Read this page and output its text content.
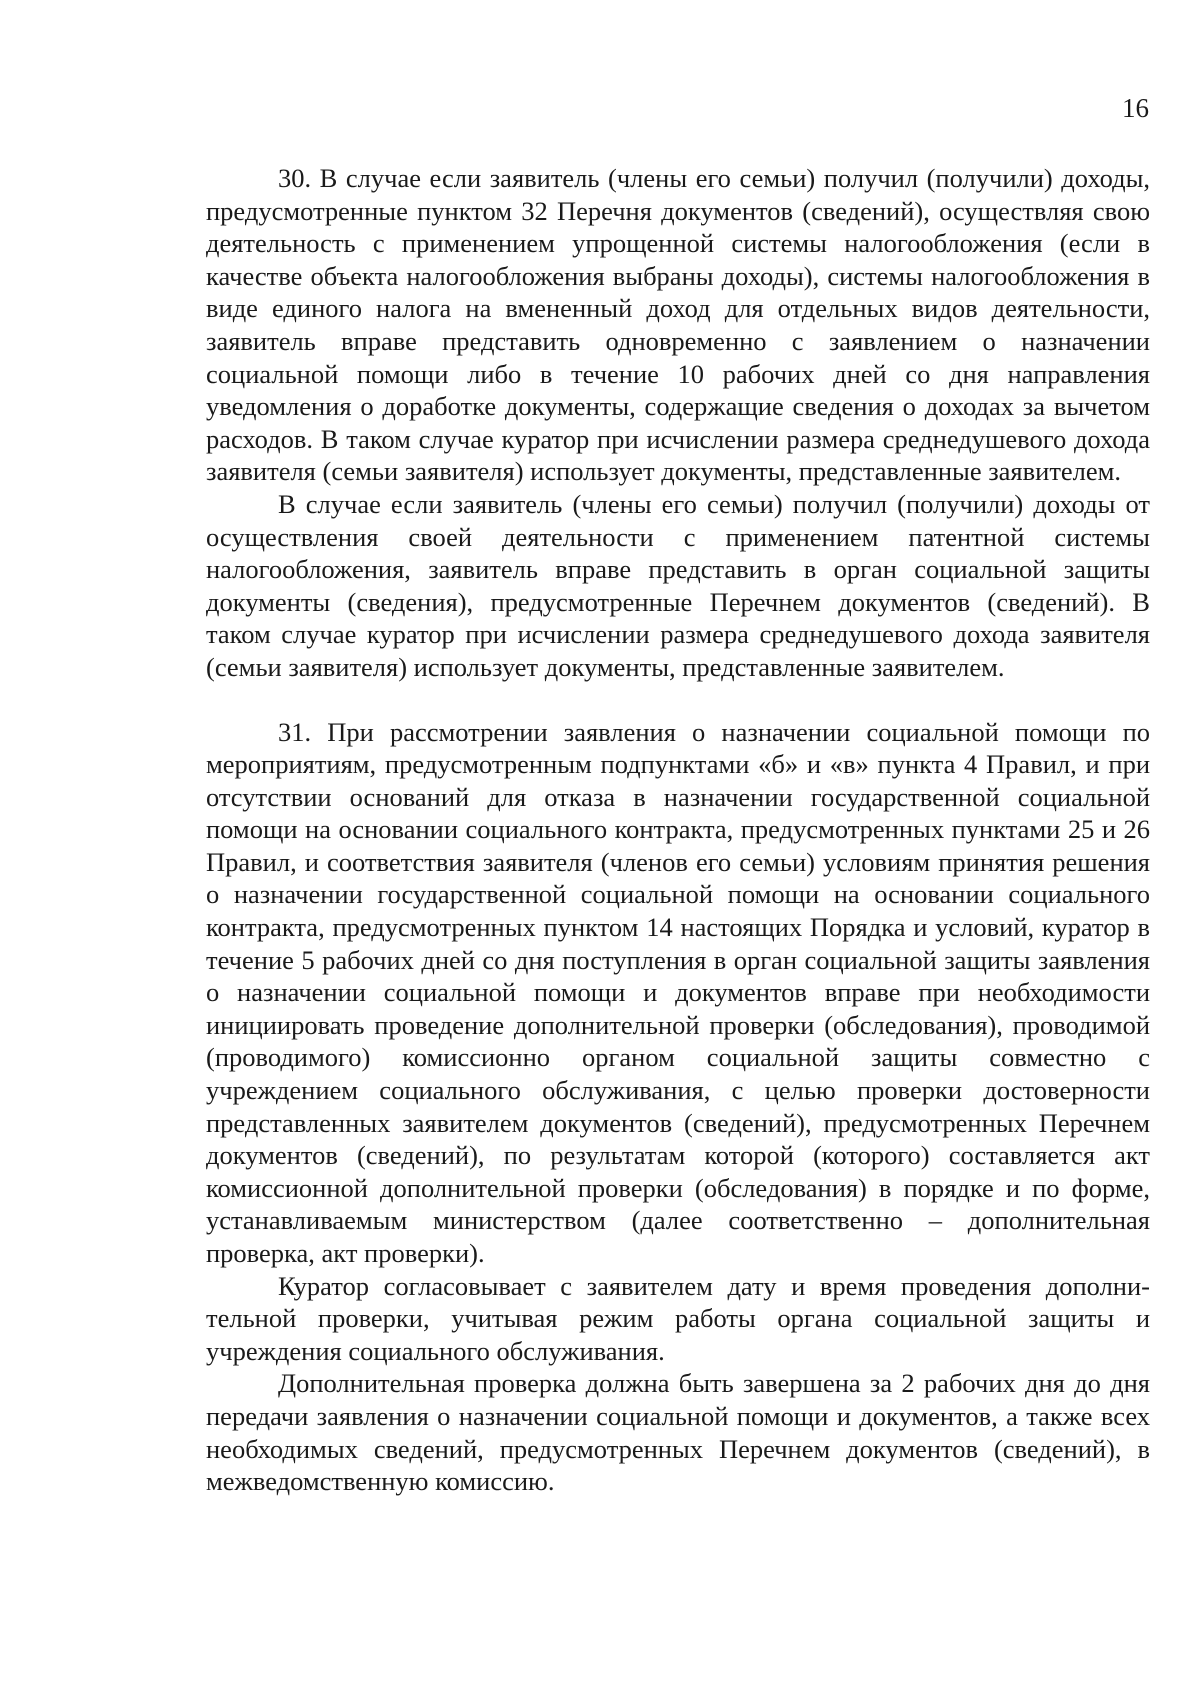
16

30. В случае если заявитель (члены его семьи) получил (получили) доходы, предусмотренные пунктом 32 Перечня документов (сведений), осуществляя свою деятельность с применением упрощенной системы налогообложения (если в качестве объекта налогообложения выбраны доходы), системы налогообложения в виде единого налога на вмененный доход для отдельных видов деятельности, заявитель вправе представить одновременно с заявлением о назначении социальной помощи либо в течение 10 рабочих дней со дня направления уведомления о доработке документы, содержащие сведения о доходах за вычетом расходов. В таком случае куратор при исчислении размера среднедушевого дохода заявителя (семьи заявителя) использует документы, представленные заявителем.

В случае если заявитель (члены его семьи) получил (получили) доходы от осуществления своей деятельности с применением патентной системы налогообложения, заявитель вправе представить в орган социальной защиты документы (сведения), предусмотренные Перечнем документов (сведений). В таком случае куратор при исчислении размера среднедушевого дохода заявителя (семьи заявителя) использует документы, представленные заявителем.

31. При рассмотрении заявления о назначении социальной помощи по мероприятиям, предусмотренным подпунктами «б» и «в» пункта 4 Правил, и при отсутствии оснований для отказа в назначении государственной социальной помощи на основании социального контракта, предусмотренных пунктами 25 и 26 Правил, и соответствия заявителя (членов его семьи) условиям принятия решения о назначении государственной социальной помощи на основании социального контракта, предусмотренных пунктом 14 настоящих Порядка и условий, куратор в течение 5 рабочих дней со дня поступления в орган социальной защиты заявления о назначении социальной помощи и документов вправе при необходимости инициировать проведение дополнительной проверки (обследования), проводимой (проводимого) комиссионно органом социальной защиты совместно с учреждением социального обслуживания, с целью проверки достоверности представленных заявителем документов (сведений), предусмотренных Перечнем документов (сведений), по результатам которой (которого) составляется акт комиссионной дополнительной проверки (обследования) в порядке и по форме, устанавливаемым министерством (далее соответственно – дополнительная проверка, акт проверки).

Куратор согласовывает с заявителем дату и время проведения дополнительной проверки, учитывая режим работы органа социальной защиты и учреждения социального обслуживания.

Дополнительная проверка должна быть завершена за 2 рабочих дня до дня передачи заявления о назначении социальной помощи и документов, а также всех необходимых сведений, предусмотренных Перечнем документов (сведений), в межведомственную комиссию.
